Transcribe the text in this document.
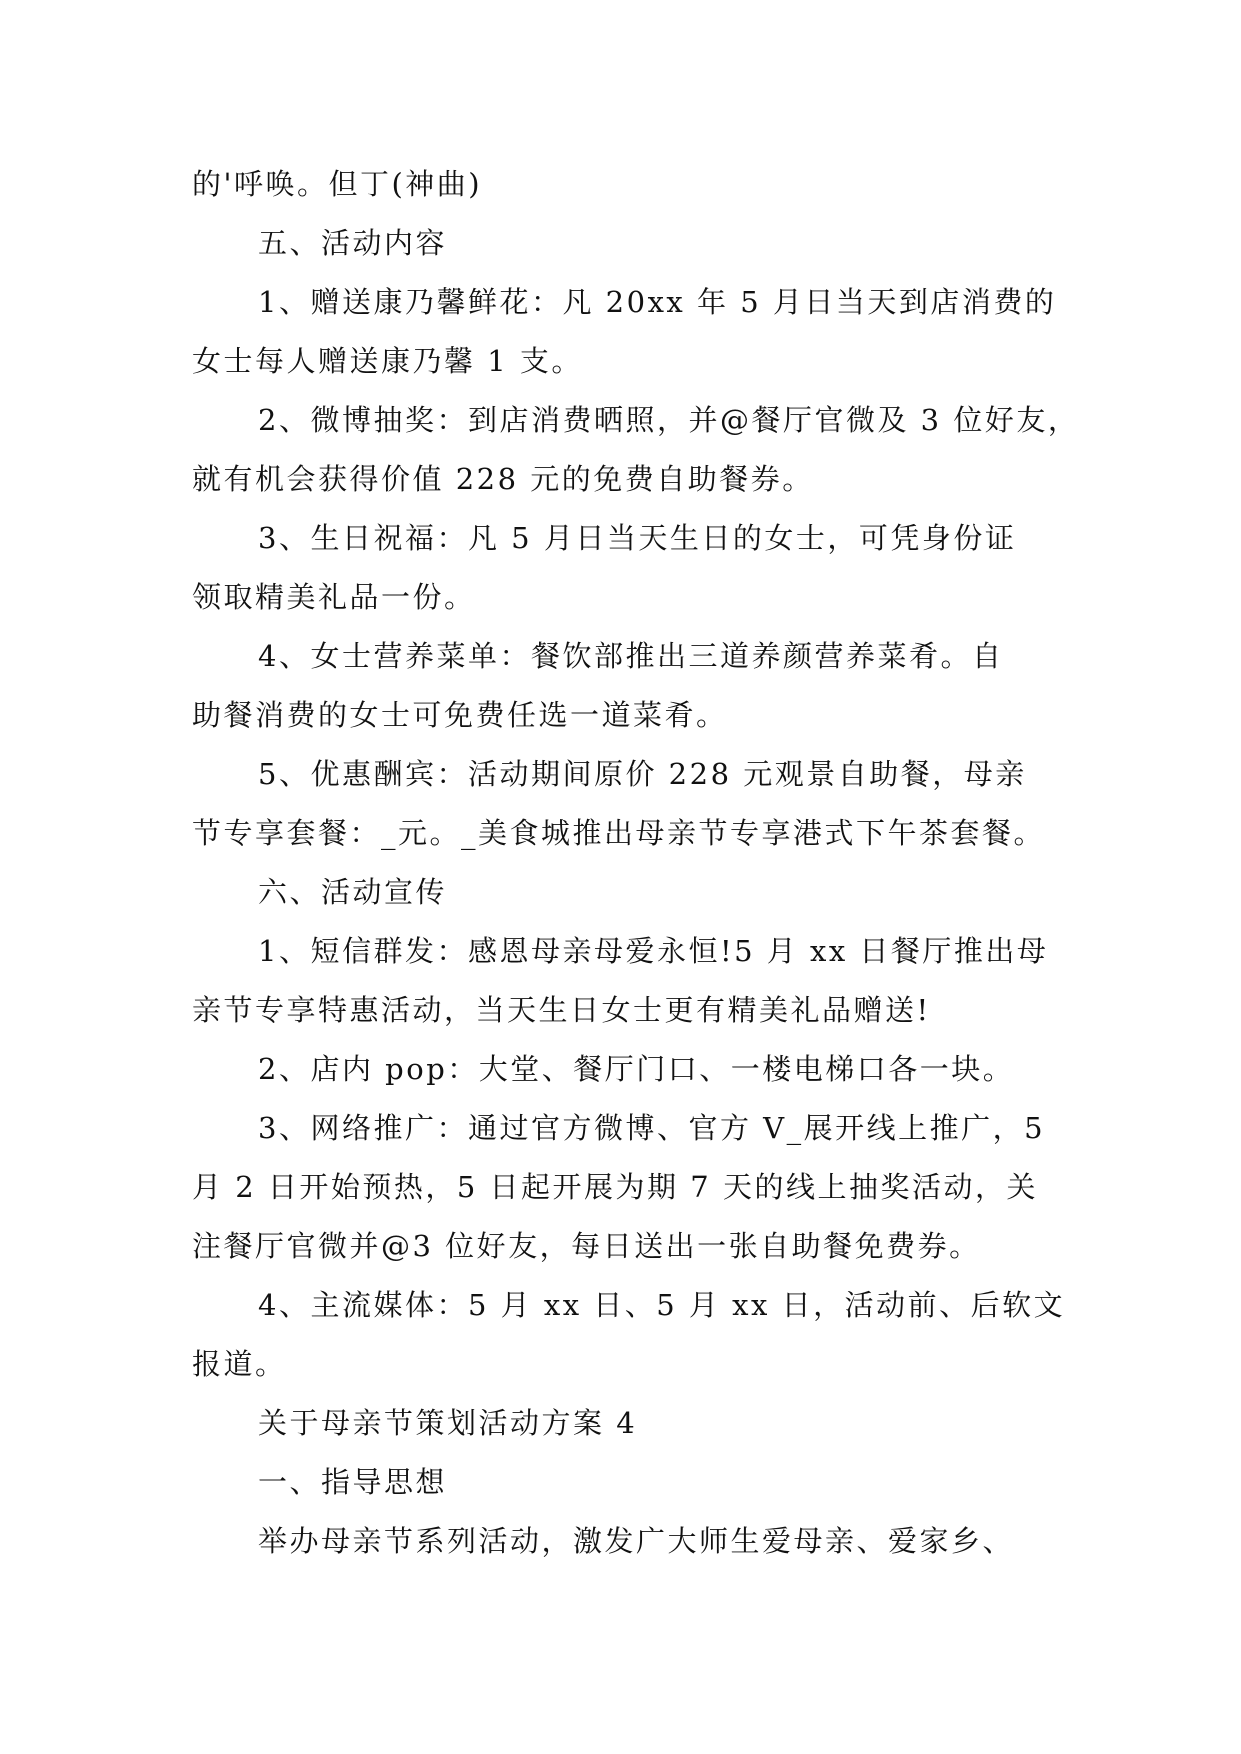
的'呼唤。但丁(神曲)
五、活动内容
1、赠送康乃馨鲜花：凡 20xx 年 5 月日当天到店消费的
女士每人赠送康乃馨 1 支。
2、微博抽奖：到店消费晒照，并@餐厅官微及 3 位好友，
就有机会获得价值 228 元的免费自助餐券。
3、生日祝福：凡 5 月日当天生日的女士，可凭身份证
领取精美礼品一份。
4、女士营养菜单：餐饮部推出三道养颜营养菜肴。自
助餐消费的女士可免费任选一道菜肴。
5、优惠酬宾：活动期间原价 228 元观景自助餐，母亲
节专享套餐：_元。_美食城推出母亲节专享港式下午茶套餐。
六、活动宣传
1、短信群发：感恩母亲母爱永恒!5 月 xx 日餐厅推出母
亲节专享特惠活动，当天生日女士更有精美礼品赠送!
2、店内 pop：大堂、餐厅门口、一楼电梯口各一块。
3、网络推广：通过官方微博、官方 V_展开线上推广，5
月 2 日开始预热，5 日起开展为期 7 天的线上抽奖活动，关
注餐厅官微并@3 位好友，每日送出一张自助餐免费券。
4、主流媒体：5 月 xx 日、5 月 xx 日，活动前、后软文
报道。
关于母亲节策划活动方案 4
一、指导思想
举办母亲节系列活动，激发广大师生爱母亲、爱家乡、
